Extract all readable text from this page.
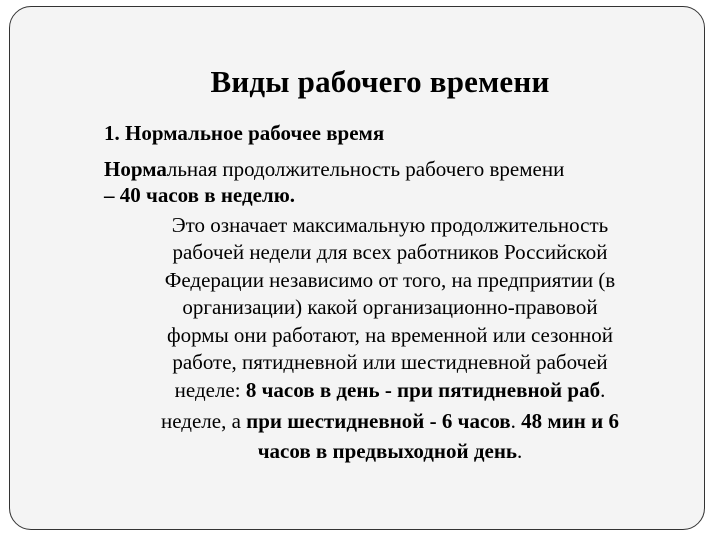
Виды рабочего времени
1. Нормальное рабочее время
Нормальная продолжительность рабочего времени
– 40 часов в неделю.
Это означает максимальную продолжительность
рабочей недели для всех работников Российской
Федерации независимо от того, на предприятии (в
организации) какой организационно-правовой
формы они работают, на временной или сезонной
работе, пятидневной или шестидневной рабочей
неделе: 8 часов в день - при пятидневной раб.
неделе, а при шестидневной - 6 часов. 48 мин и 6
часов в предвыходной день.
